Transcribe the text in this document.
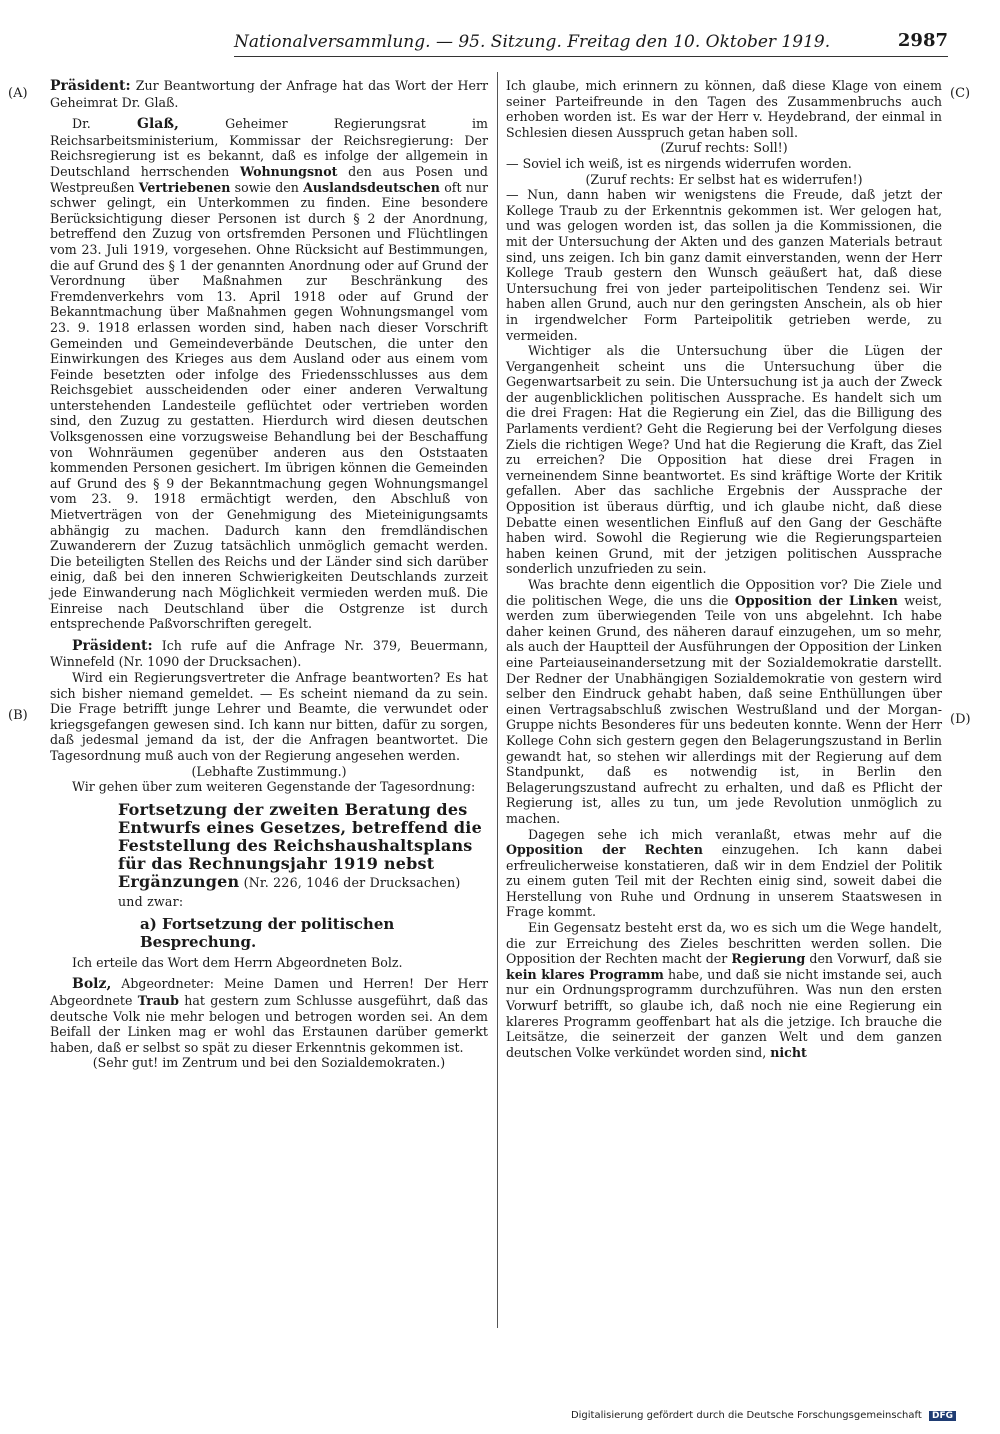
Nationalversammlung. — 95. Sitzung. Freitag den 10. Oktober 1919.	2987
(A)
(B)
(C)
(D)

Präsident: Zur Beantwortung der Anfrage hat das Wort der Herr Geheimrat Dr. Glaß.

Dr. Glaß, Geheimer Regierungsrat im Reichsarbeitsministerium, Kommissar der Reichsregierung: Der Reichsregierung ist es bekannt, daß es infolge der allgemein in Deutschland herrschenden Wohnungsnot den aus Posen und Westpreußen Vertriebenen sowie den Auslandsdeutschen oft nur schwer gelingt, ein Unterkommen zu finden. Eine besondere Berücksichtigung dieser Personen ist durch § 2 der Anordnung, betreffend den Zuzug von ortsfremden Personen und Flüchtlingen vom 23. Juli 1919, vorgesehen. Ohne Rücksicht auf Bestimmungen, die auf Grund des § 1 der genannten Anordnung oder auf Grund der Verordnung über Maßnahmen zur Beschränkung des Fremdenverkehrs vom 13. April 1918 oder auf Grund der Bekanntmachung über Maßnahmen gegen Wohnungsmangel vom 23. 9. 1918 erlassen worden sind, haben nach dieser Vorschrift Gemeinden und Gemeindeverbände Deutschen, die unter den Einwirkungen des Krieges aus dem Ausland oder aus einem vom Feinde besetzten oder infolge des Friedensschlusses aus dem Reichsgebiet ausscheidenden oder einer anderen Verwaltung unterstehenden Landesteile geflüchtet oder vertrieben worden sind, den Zuzug zu gestatten. Hierdurch wird diesen deutschen Volksgenossen eine vorzugsweise Behandlung bei der Beschaffung von Wohnräumen gegenüber anderen aus den Oststaaten kommenden Personen gesichert. Im übrigen können die Gemeinden auf Grund des § 9 der Bekanntmachung gegen Wohnungsmangel vom 23. 9. 1918 ermächtigt werden, den Abschluß von Mietverträgen von der Genehmigung des Mieteinigungsamts abhängig zu machen. Dadurch kann den fremdländischen Zuwanderern der Zuzug tatsächlich unmöglich gemacht werden. Die beteiligten Stellen des Reichs und der Länder sind sich darüber einig, daß bei den inneren Schwierigkeiten Deutschlands zurzeit jede Einwanderung nach Möglichkeit vermieden werden muß. Die Einreise nach Deutschland über die Ostgrenze ist durch entsprechende Paßvorschriften geregelt.

Präsident: Ich rufe auf die Anfrage Nr. 379, Beuermann, Winnefeld (Nr. 1090 der Drucksachen).

Wird ein Regierungsvertreter die Anfrage beantworten? Es hat sich bisher niemand gemeldet. — Es scheint niemand da zu sein. Die Frage betrifft junge Lehrer und Beamte, die verwundet oder kriegsgefangen gewesen sind. Ich kann nur bitten, dafür zu sorgen, daß jedesmal jemand da ist, der die Anfragen beantwortet. Die Tagesordnung muß auch von der Regierung angesehen werden.

(Lebhafte Zustimmung.)

Wir gehen über zum weiteren Gegenstande der Tagesordnung:

Fortsetzung der zweiten Beratung des Entwurfs eines Gesetzes, betreffend die Feststellung des Reichshaushaltsplans für das Rechnungsjahr 1919 nebst Ergänzungen (Nr. 226, 1046 der Drucksachen) und zwar:

a) Fortsetzung der politischen Besprechung.

Ich erteile das Wort dem Herrn Abgeordneten Bolz.

Bolz, Abgeordneter: Meine Damen und Herren! Der Herr Abgeordnete Traub hat gestern zum Schlusse ausgeführt, daß das deutsche Volk nie mehr belogen und betrogen worden sei. An dem Beifall der Linken mag er wohl das Erstaunen darüber gemerkt haben, daß er selbst so spät zu dieser Erkenntnis gekommen ist.

(Sehr gut! im Zentrum und bei den Sozialdemokraten.)

Ich glaube, mich erinnern zu können, daß diese Klage von einem seiner Parteifreunde in den Tagen des Zusammenbruchs auch erhoben worden ist. Es war der Herr v. Heydebrand, der einmal in Schlesien diesen Ausspruch getan haben soll.

(Zuruf rechts: Soll!)

— Soviel ich weiß, ist es nirgends widerrufen worden.

(Zuruf rechts: Er selbst hat es widerrufen!)

— Nun, dann haben wir wenigstens die Freude, daß jetzt der Kollege Traub zu der Erkenntnis gekommen ist. Wer gelogen hat, und was gelogen worden ist, das sollen ja die Kommissionen, die mit der Untersuchung der Akten und des ganzen Materials betraut sind, uns zeigen. Ich bin ganz damit einverstanden, wenn der Herr Kollege Traub gestern den Wunsch geäußert hat, daß diese Untersuchung frei von jeder parteipolitischen Tendenz sei. Wir haben allen Grund, auch nur den geringsten Anschein, als ob hier in irgendwelcher Form Parteipolitik getrieben werde, zu vermeiden.

Wichtiger als die Untersuchung über die Lügen der Vergangenheit scheint uns die Untersuchung über die Gegenwartsarbeit zu sein. Die Untersuchung ist ja auch der Zweck der augenblicklichen politischen Aussprache. Es handelt sich um die drei Fragen: Hat die Regierung ein Ziel, das die Billigung des Parlaments verdient? Geht die Regierung bei der Verfolgung dieses Ziels die richtigen Wege? Und hat die Regierung die Kraft, das Ziel zu erreichen? Die Opposition hat diese drei Fragen in verneinendem Sinne beantwortet. Es sind kräftige Worte der Kritik gefallen. Aber das sachliche Ergebnis der Aussprache der Opposition ist überaus dürftig, und ich glaube nicht, daß diese Debatte einen wesentlichen Einfluß auf den Gang der Geschäfte haben wird. Sowohl die Regierung wie die Regierungsparteien haben keinen Grund, mit der jetzigen politischen Aussprache sonderlich unzufrieden zu sein.

Was brachte denn eigentlich die Opposition vor? Die Ziele und die politischen Wege, die uns die Opposition der Linken weist, werden zum überwiegenden Teile von uns abgelehnt. Ich habe daher keinen Grund, des näheren darauf einzugehen, um so mehr, als auch der Hauptteil der Ausführungen der Opposition der Linken eine Parteiauseinandersetzung mit der Sozialdemokratie darstellt. Der Redner der Unabhängigen Sozialdemokratie von gestern wird selber den Eindruck gehabt haben, daß seine Enthüllungen über einen Vertragsabschluß zwischen Westrußland und der Morgan-Gruppe nichts Besonderes für uns bedeuten konnte. Wenn der Herr Kollege Cohn sich gestern gegen den Belagerungszustand in Berlin gewandt hat, so stehen wir allerdings mit der Regierung auf dem Standpunkt, daß es notwendig ist, in Berlin den Belagerungszustand aufrecht zu erhalten, und daß es Pflicht der Regierung ist, alles zu tun, um jede Revolution unmöglich zu machen.

Dagegen sehe ich mich veranlaßt, etwas mehr auf die Opposition der Rechten einzugehen. Ich kann dabei erfreulicherweise konstatieren, daß wir in dem Endziel der Politik zu einem guten Teil mit der Rechten einig sind, soweit dabei die Herstellung von Ruhe und Ordnung in unserem Staatswesen in Frage kommt.

Ein Gegensatz besteht erst da, wo es sich um die Wege handelt, die zur Erreichung des Zieles beschritten werden sollen. Die Opposition der Rechten macht der Regierung den Vorwurf, daß sie kein klares Programm habe, und daß sie nicht imstande sei, auch nur ein Ordnungsprogramm durchzuführen. Was nun den ersten Vorwurf betrifft, so glaube ich, daß noch nie eine Regierung ein klareres Programm geoffenbart hat als die jetzige. Ich brauche die Leitsätze, die seinerzeit der ganzen Welt und dem ganzen deutschen Volke verkündet worden sind, nicht

Digitalisierung gefördert durch die Deutsche Forschungsgemeinschaft DFG
